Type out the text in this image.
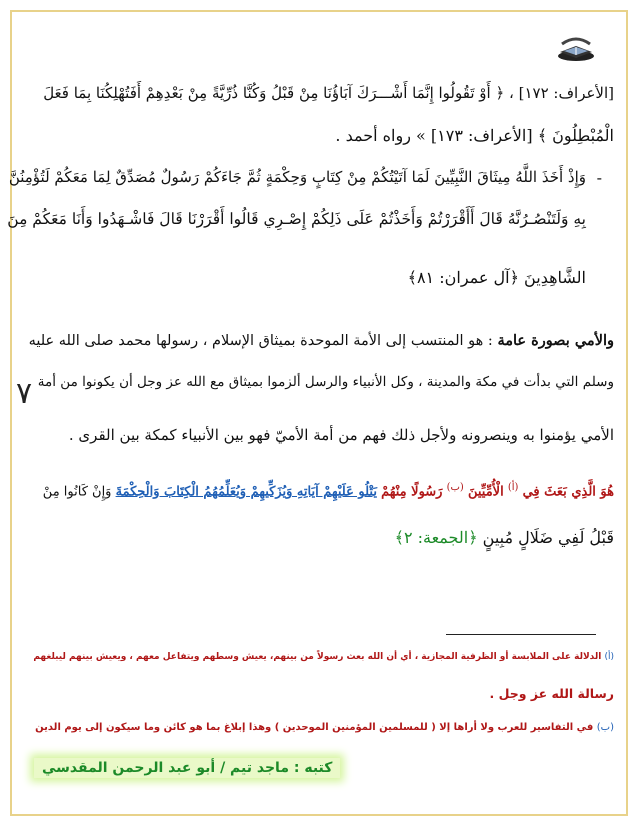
٧
[الأعراف: ١٧٢] ، ﴿ أَوْ تَقُولُوا إِنَّمَا أَشْـــرَكَ آبَاؤُنَا مِنْ قَبْلُ وَكُنَّا ذُرِّيَّةً مِنْ بَعْدِهِمْ أَفَتُهْلِكُنَا بِمَا فَعَلَ
الْمُبْطِلُونَ ﴾ [الأعراف: ١٧٣] » رواه أحمد .
-
وَإِذْ أَخَذَ اللَّهُ مِيثَاقَ النَّبِيِّينَ لَمَا آتَيْتُكُمْ مِنْ كِتَابٍ وَحِكْمَةٍ ثُمَّ جَاءَكُمْ رَسُولٌ مُصَدِّقٌ لِمَا مَعَكُمْ لَتُؤْمِنُنَّ
بِهِ وَلَتَنْصُـرُنَّهُ قَالَ أَأَقْرَرْتُمْ وَأَخَذْتُمْ عَلَى ذَلِكُمْ إِصْـرِي قَالُوا أَقْرَرْنَا قَالَ فَاشْـهَدُوا وَأَنَا مَعَكُمْ مِنَ
الشَّاهِدِينَ ﴿آل عمران: ٨١﴾
والأمي بصورة عامة : هو المنتسب إلى الأمة الموحدة بميثاق الإسلام ، رسولها محمد صلى الله عليه
وسلم التي بدأت في مكة والمدينة ، وكل الأنبياء والرسل ألزموا بميثاق مع الله عز وجل أن يكونوا من أمة
الأمي يؤمنوا به وينصرونه ولأجل ذلك فهم من أمة الأميّ فهو بين الأنبياء كمكة بين القرى .
هُوَ الَّذِي بَعَثَ فِي $^{(أ)}$ الْأُمِّيِّينَ $^{(ب)}$ رَسُولًا مِنْهُمْ يَتْلُو عَلَيْهِمْ آيَاتِهِ وَيُزَكِّيهِمْ وَيُعَلِّمُهُمُ الْكِتَابَ وَالْحِكْمَةَ وَإِنْ كَانُوا مِنْ
قَبْلُ لَفِي ضَلَالٍ مُبِينٍ ﴿الجمعة: ٢﴾
(أ) الدلالة على الملابسة أو الظرفية المجازية ، أي أن الله بعث رسولاً من بينهم، يعيش وسطهم ويتفاعل معهم ، ويعيش بينهم ليبلغهم
رسالة الله عز وجل .
(ب) في التفاسير للعرب ولا أراها إلا ( للمسلمين المؤمنين الموحدين ) وهذا إبلاغ بما هو كائن وما سيكون إلى يوم الدين
كتبه : ماجد تيم / أبو عبد الرحمن المقدسي
